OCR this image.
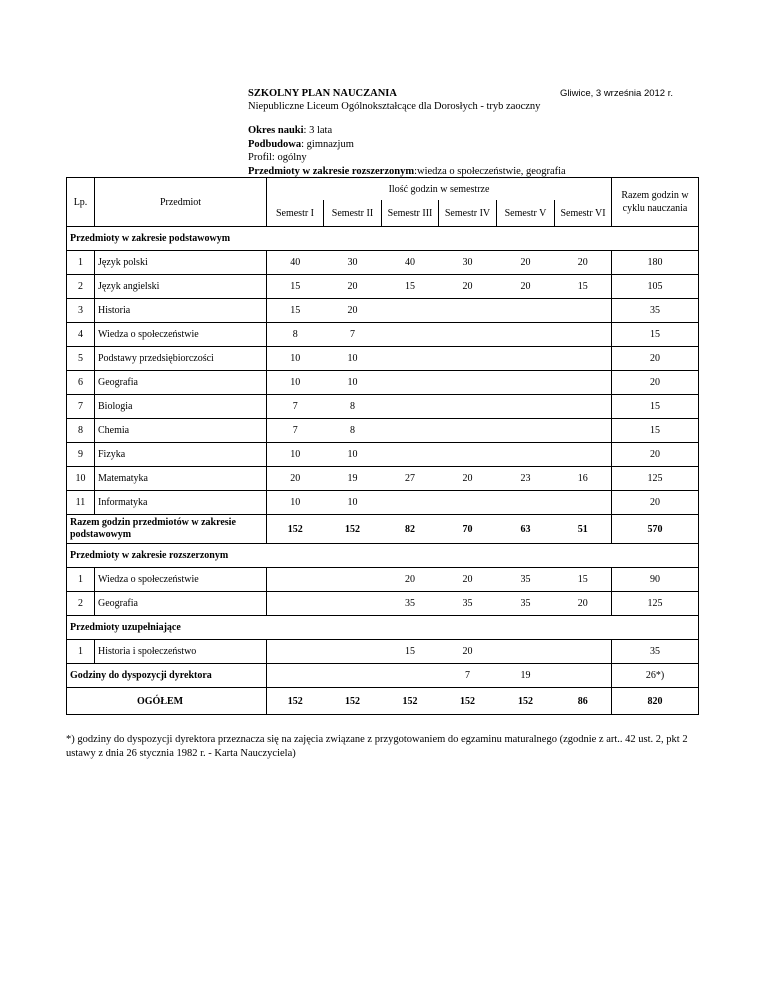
SZKOLNY PLAN NAUCZANIA
Niepubliczne Liceum Ogólnokształcące dla Dorosłych - tryb zaoczny
Gliwice, 3 września 2012 r.
Okres nauki: 3 lata
Podbudowa: gimnazjum
Profil: ogólny
Przedmioty w zakresie rozszerzonym:wiedza o społeczeństwie, geografia
Lp.	Przedmiot	Ilość godzin w semestrze						Razem godzin w cyklu nauczania
		Semestr I	Semestr II	Semestr III	Semestr IV	Semestr V	Semestr VI	
Przedmioty w zakresie podstawowym								
1	Język polski	40	30	40	30	20	20	180
2	Język angielski	15	20	15	20	20	15	105
3	Historia	15	20					35
4	Wiedza o społeczeństwie	8	7					15
5	Podstawy przedsiębiorczości	10	10					20
6	Geografia	10	10					20
7	Biologia	7	8					15
8	Chemia	7	8					15
9	Fizyka	10	10					20
10	Matematyka	20	19	27	20	23	16	125
11	Informatyka	10	10					20
Razem godzin przedmiotów w zakresie podstawowym		152	152	82	70	63	51	570
Przedmioty w zakresie rozszerzonym								
1	Wiedza o społeczeństwie			20	20	35	15	90
2	Geografia			35	35	35	20	125
Przedmioty uzupełniające								
1	Historia i społeczeństwo			15	20			35
Godziny do dyspozycji dyrektora					7	19		26*)
OGÓŁEM		152	152	152	152	152	86	820
*) godziny do dyspozycji dyrektora przeznacza się na zajęcia związane z przygotowaniem do egzaminu maturalnego (zgodnie z art.. 42 ust. 2, pkt 2 ustawy z dnia 26 stycznia 1982 r. - Karta Nauczyciela)
